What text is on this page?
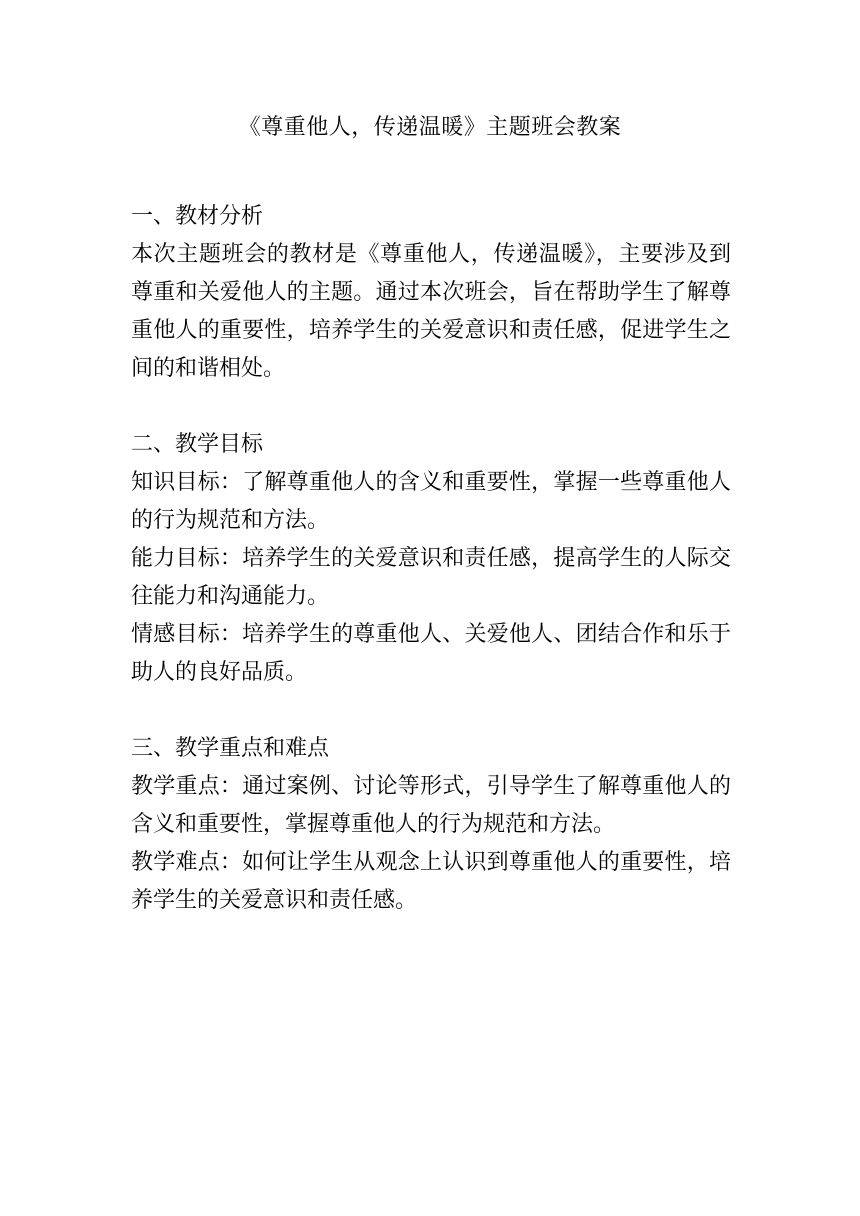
《尊重他人，传递温暖》主题班会教案
一、教材分析

本次主题班会的教材是《尊重他人，传递温暖》，主要涉及到尊重和关爱他人的主题。通过本次班会，旨在帮助学生了解尊重他人的重要性，培养学生的关爱意识和责任感，促进学生之间的和谐相处。

二、教学目标

知识目标：了解尊重他人的含义和重要性，掌握一些尊重他人的行为规范和方法。

能力目标：培养学生的关爱意识和责任感，提高学生的人际交往能力和沟通能力。

情感目标：培养学生的尊重他人、关爱他人、团结合作和乐于助人的良好品质。

三、教学重点和难点

教学重点：通过案例、讨论等形式，引导学生了解尊重他人的含义和重要性，掌握尊重他人的行为规范和方法。

教学难点：如何让学生从观念上认识到尊重他人的重要性，培养学生的关爱意识和责任感。
